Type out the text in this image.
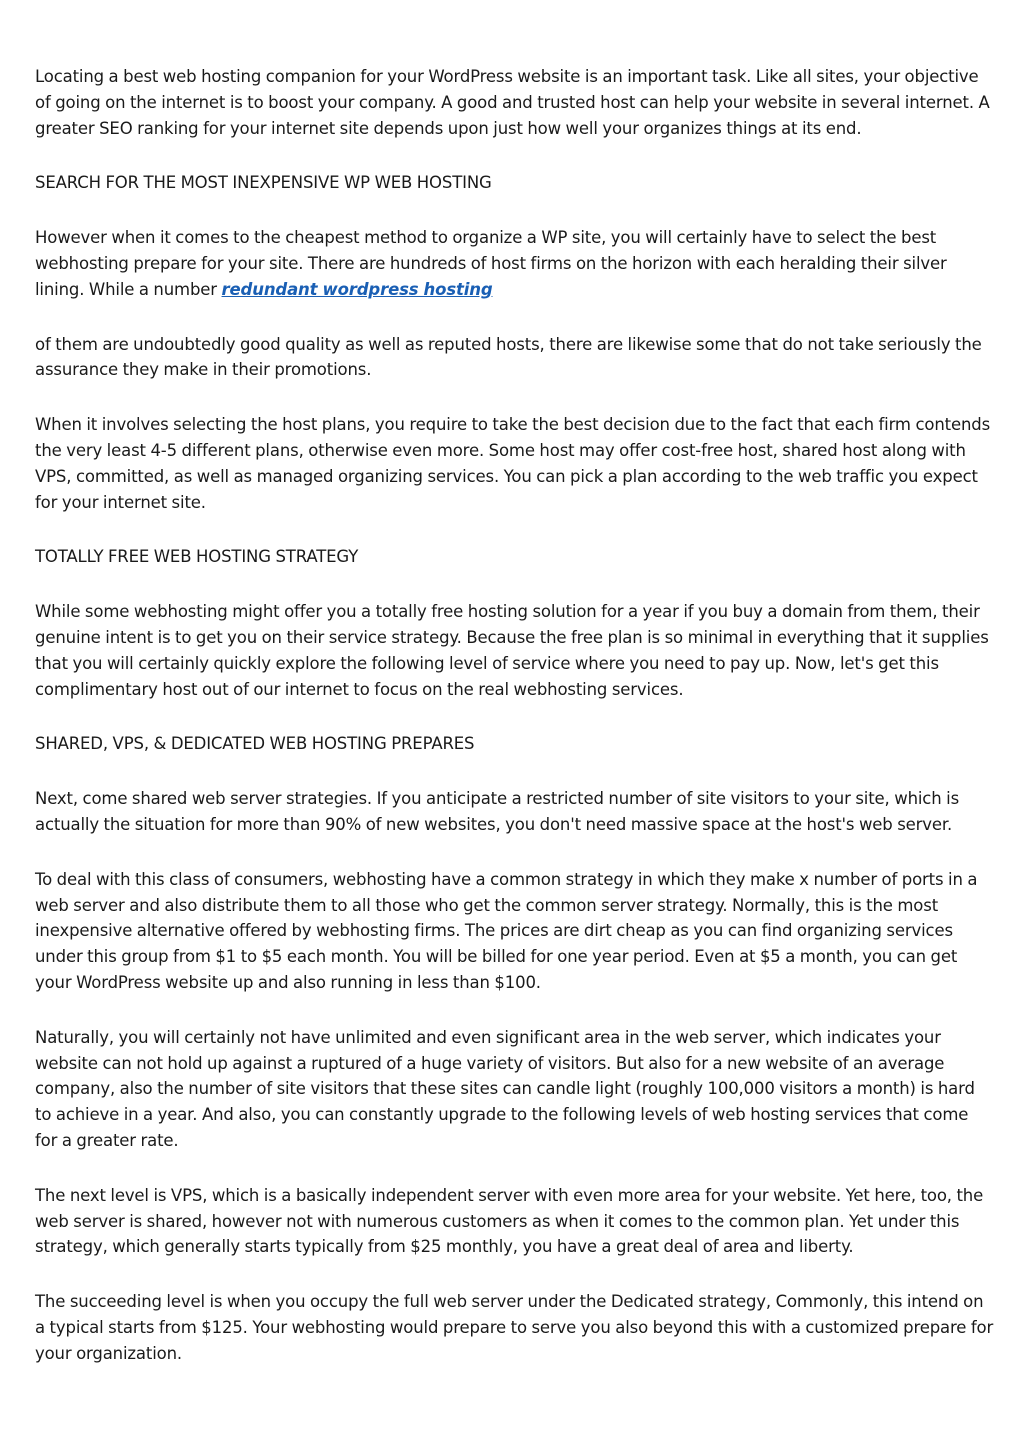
Locating a best web hosting companion for your WordPress website is an important task. Like all sites, your objective of going on the internet is to boost your company. A good and trusted host can help your website in several internet. A greater SEO ranking for your internet site depends upon just how well your organizes things at its end.

SEARCH FOR THE MOST INEXPENSIVE WP WEB HOSTING

However when it comes to the cheapest method to organize a WP site, you will certainly have to select the best webhosting prepare for your site. There are hundreds of host firms on the horizon with each heralding their silver lining. While a number redundant wordpress hosting

of them are undoubtedly good quality as well as reputed hosts, there are likewise some that do not take seriously the assurance they make in their promotions.

When it involves selecting the host plans, you require to take the best decision due to the fact that each firm contends the very least 4-5 different plans, otherwise even more. Some host may offer cost-free host, shared host along with VPS, committed, as well as managed organizing services. You can pick a plan according to the web traffic you expect for your internet site.

TOTALLY FREE WEB HOSTING STRATEGY

While some webhosting might offer you a totally free hosting solution for a year if you buy a domain from them, their genuine intent is to get you on their service strategy. Because the free plan is so minimal in everything that it supplies that you will certainly quickly explore the following level of service where you need to pay up. Now, let's get this complimentary host out of our internet to focus on the real webhosting services.

SHARED, VPS, & DEDICATED WEB HOSTING PREPARES

Next, come shared web server strategies. If you anticipate a restricted number of site visitors to your site, which is actually the situation for more than 90% of new websites, you don't need massive space at the host's web server.

To deal with this class of consumers, webhosting have a common strategy in which they make x number of ports in a web server and also distribute them to all those who get the common server strategy. Normally, this is the most inexpensive alternative offered by webhosting firms. The prices are dirt cheap as you can find organizing services under this group from $1 to $5 each month. You will be billed for one year period. Even at $5 a month, you can get your WordPress website up and also running in less than $100.

Naturally, you will certainly not have unlimited and even significant area in the web server, which indicates your website can not hold up against a ruptured of a huge variety of visitors. But also for a new website of an average company, also the number of site visitors that these sites can candle light (roughly 100,000 visitors a month) is hard to achieve in a year. And also, you can constantly upgrade to the following levels of web hosting services that come for a greater rate.

The next level is VPS, which is a basically independent server with even more area for your website. Yet here, too, the web server is shared, however not with numerous customers as when it comes to the common plan. Yet under this strategy, which generally starts typically from $25 monthly, you have a great deal of area and liberty.

The succeeding level is when you occupy the full web server under the Dedicated strategy, Commonly, this intend on a typical starts from $125. Your webhosting would prepare to serve you also beyond this with a customized prepare for your organization.
